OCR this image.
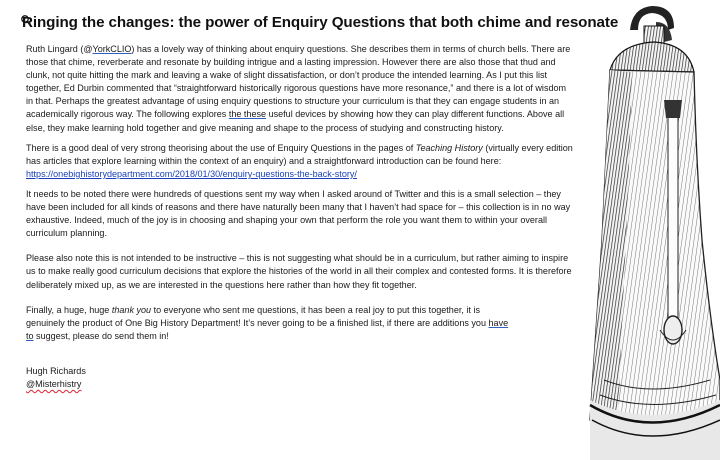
Ringing the changes: the power of Enquiry Questions that both chime and resonate

Ruth Lingard (@YorkCLIO) has a lovely way of thinking about enquiry questions. She describes them in terms of church bells. There are those that chime, reverberate and resonate by building intrigue and a lasting impression. However there are also those that thud and clunk, not quite hitting the mark and leaving a wake of slight dissatisfaction, or don’t produce the intended learning. As I put this list together, Ed Durbin commented that “straightforward historically rigorous questions have more resonance,” and there is a lot of wisdom in that. Perhaps the greatest advantage of using enquiry questions to structure your curriculum is that they can engage students in an academically rigorous way. The following explores the these useful devices by showing how they can play different functions. Above all else, they make learning hold together and give meaning and shape to the process of studying and constructing history.

There is a good deal of very strong theorising about the use of Enquiry Questions in the pages of Teaching History (virtually every edition has articles that explore learning within the context of an enquiry) and a straightforward introduction can be found here: https://onebighistorydepartment.com/2018/01/30/enquiry-questions-the-back-story/

It needs to be noted there were hundreds of questions sent my way when I asked around of Twitter and this is a small selection – they have been included for all kinds of reasons and there have naturally been many that I haven’t had space for – this collection is in no way exhaustive. Indeed, much of the joy is in choosing and shaping your own that perform the role you want them to within your overall curriculum planning.

Please also note this is not intended to be instructive – this is not suggesting what should be in a curriculum, but rather aiming to inspire us to make really good curriculum decisions that explore the histories of the world in all their complex and contested forms. It is therefore deliberately mixed up, as we are interested in the questions here rather than how they fit together.

Finally, a huge, huge thank you to everyone who sent me questions, it has been a real joy to put this together, it is genuinely the product of One Big History Department! It’s never going to be a finished list, if there are additions you have to suggest, please do send them in!

Hugh Richards
@Misterhistry
